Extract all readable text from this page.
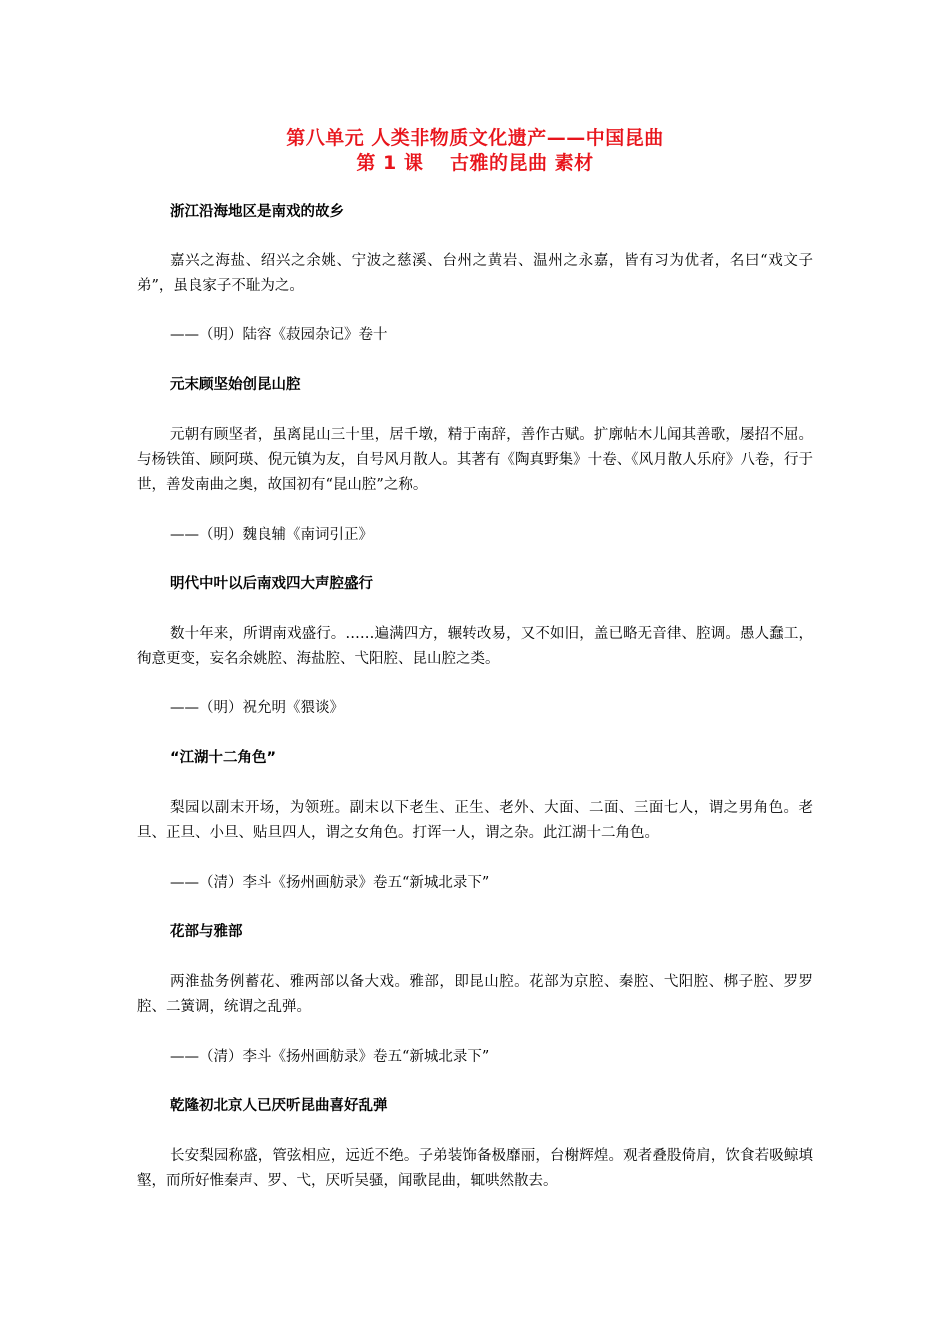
第八单元 人类非物质文化遗产——中国昆曲
第 1 课　 古雅的昆曲 素材
浙江沿海地区是南戏的故乡
嘉兴之海盐、绍兴之余姚、宁波之慈溪、台州之黄岩、温州之永嘉，皆有习为优者，名曰“戏文子弟”，虽良家子不耻为之。
——（明）陆容《菽园杂记》卷十
元末顾坚始创昆山腔
元朝有顾坚者，虽离昆山三十里，居千墩，精于南辞，善作古赋。扩廓帖木儿闻其善歌，屡招不屈。与杨铁笛、顾阿瑛、倪元镇为友，自号风月散人。其著有《陶真野集》十卷、《风月散人乐府》八卷，行于世，善发南曲之奥，故国初有“昆山腔”之称。
——（明）魏良辅《南词引正》
明代中叶以后南戏四大声腔盛行
数十年来，所谓南戏盛行。……遍满四方，辗转改易，又不如旧，盖已略无音律、腔调。愚人蠢工，徇意更变，妄名余姚腔、海盐腔、弋阳腔、昆山腔之类。
——（明）祝允明《猥谈》
“江湖十二角色”
梨园以副末开场，为领班。副末以下老生、正生、老外、大面、二面、三面七人，谓之男角色。老旦、正旦、小旦、贴旦四人，谓之女角色。打诨一人，谓之杂。此江湖十二角色。
——（清）李斗《扬州画舫录》卷五“新城北录下”
花部与雅部
两淮盐务例蓄花、雅两部以备大戏。雅部，即昆山腔。花部为京腔、秦腔、弋阳腔、梆子腔、罗罗腔、二簧调，统谓之乱弹。
——（清）李斗《扬州画舫录》卷五“新城北录下”
乾隆初北京人已厌听昆曲喜好乱弹
长安梨园称盛，管弦相应，远近不绝。子弟装饰备极靡丽，台榭辉煌。观者叠股倚肩，饮食若吸鲸填壑，而所好惟秦声、罗、弋，厌听吴骚，闻歌昆曲，辄哄然散去。
